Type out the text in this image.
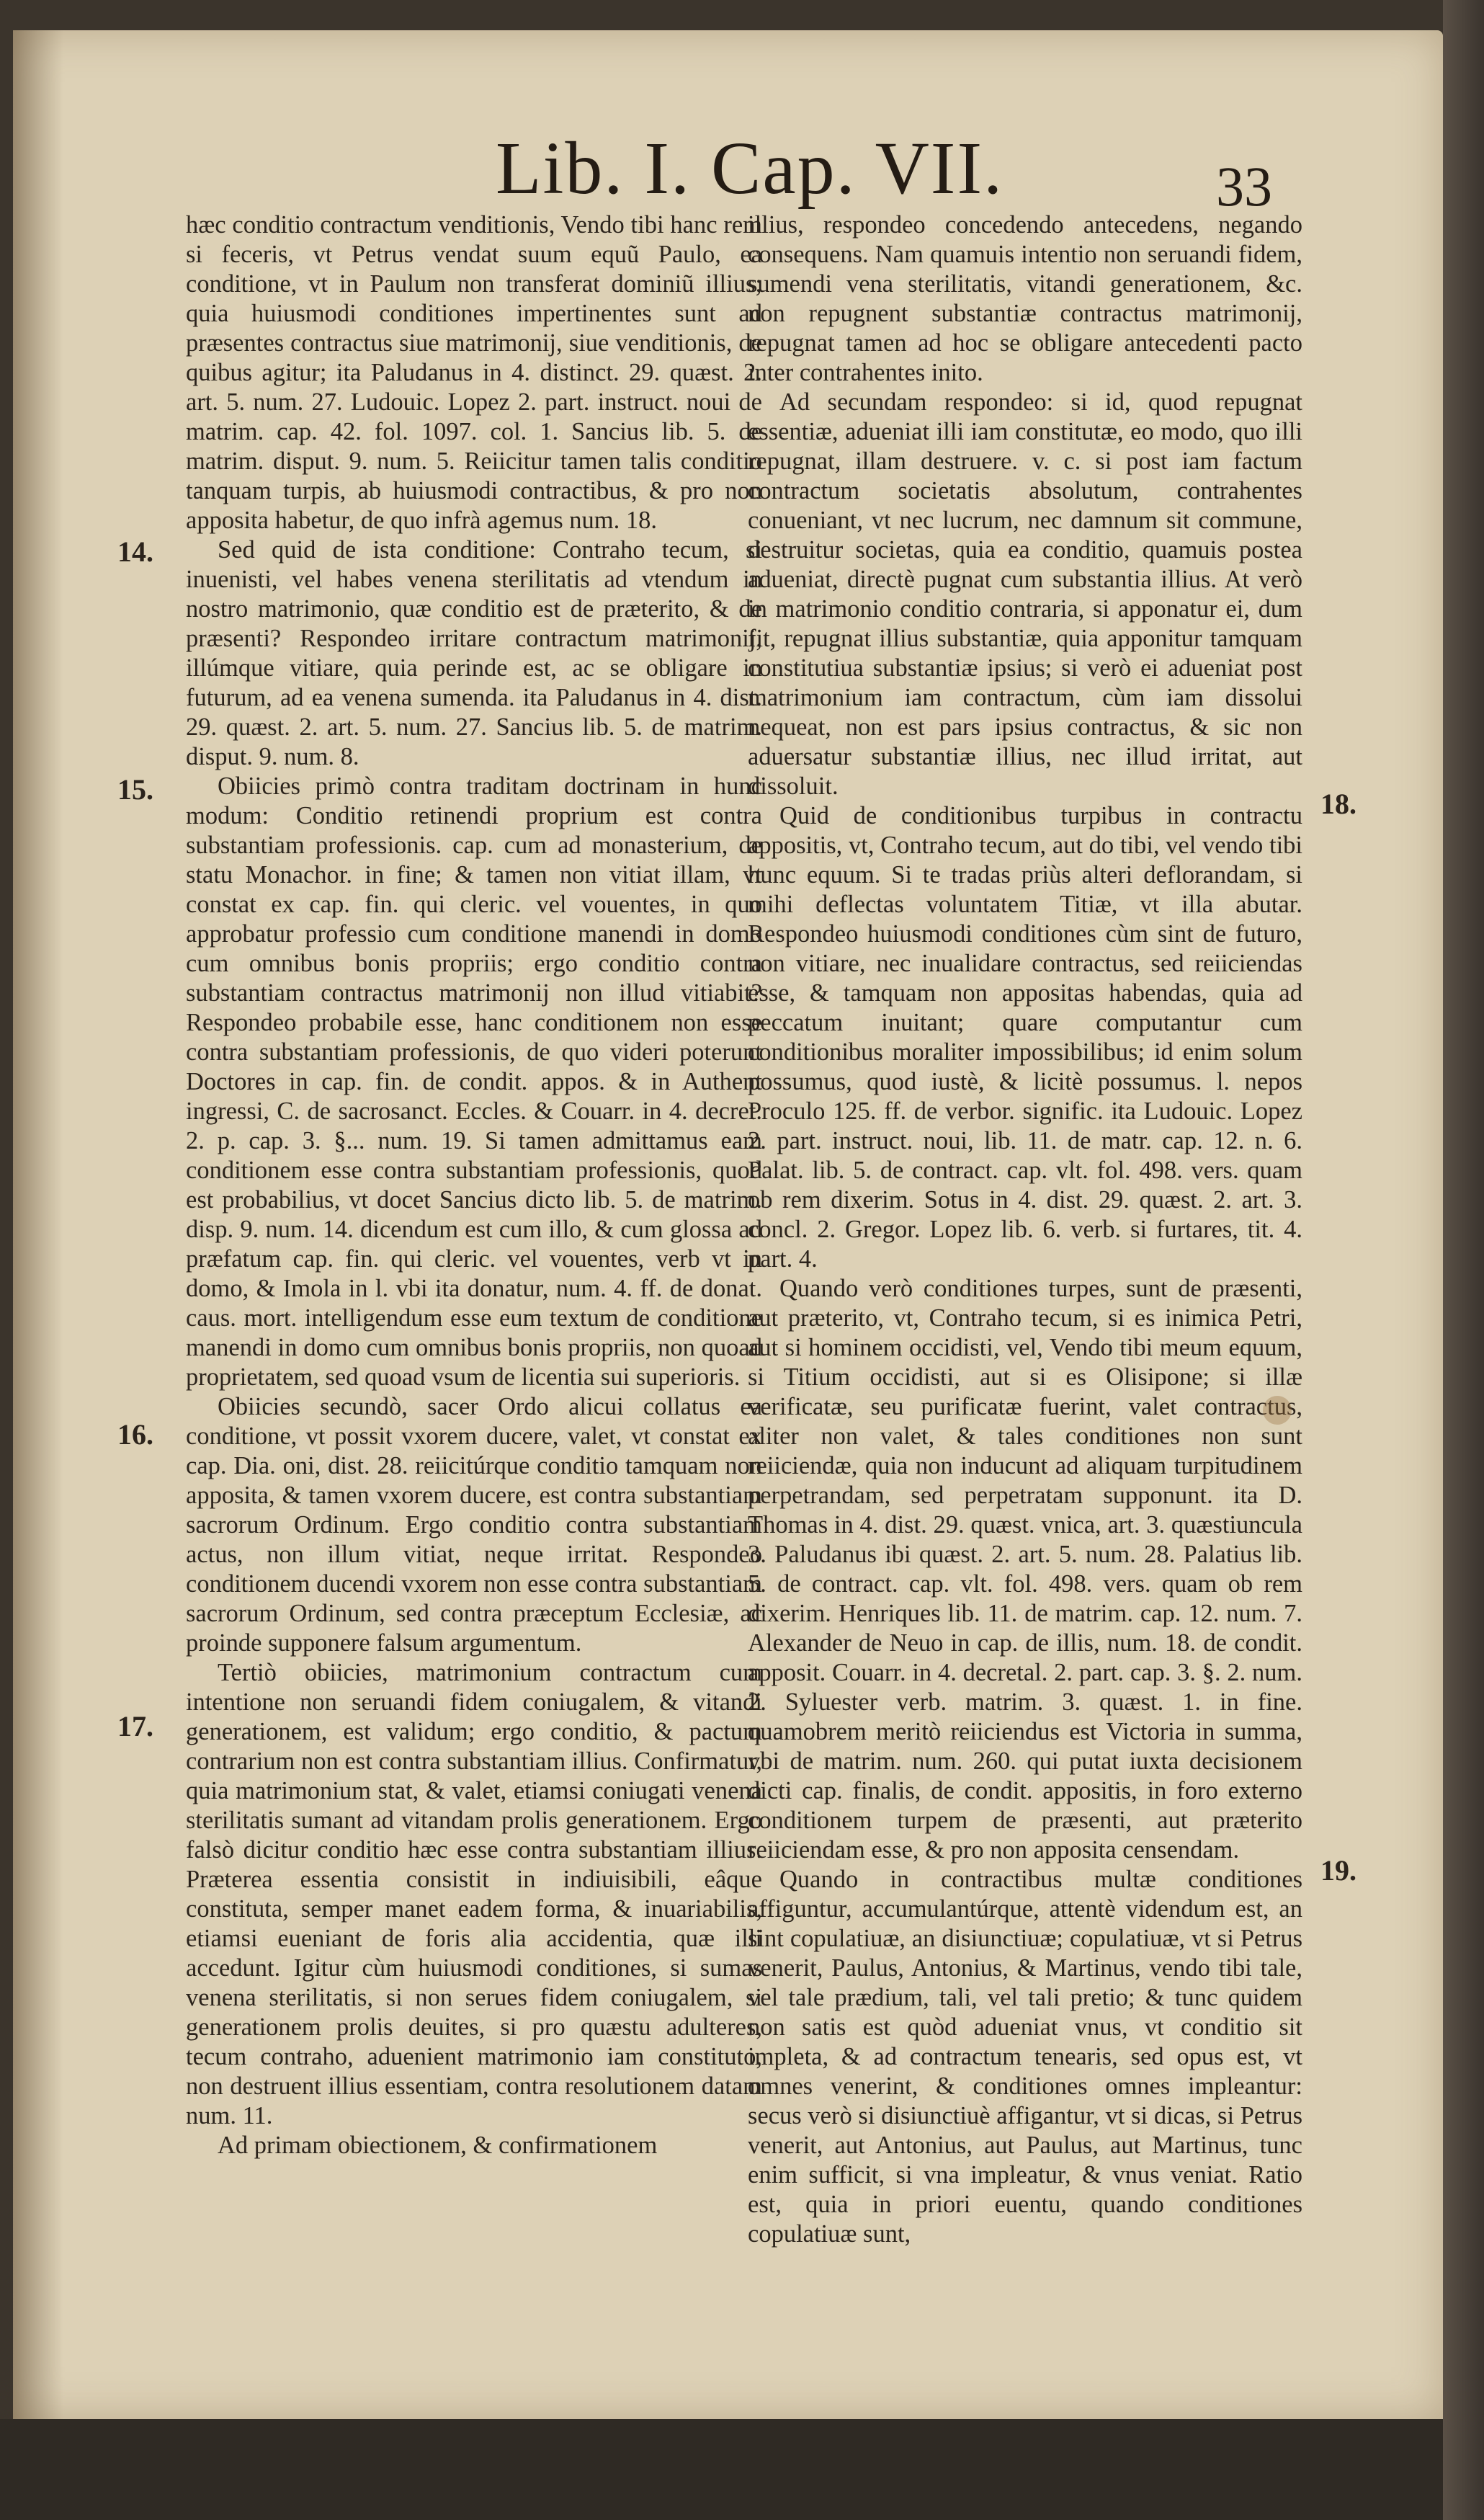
Lib. I. Cap. VII.	33

hæc conditio contractum venditionis, Vendo tibi hanc rem si feceris, vt Petrus vendat suum equũ Paulo, ea conditione, vt in Paulum non transferat dominiũ illius; quia huiusmodi conditiones impertinentes sunt ad præsentes contractus siue matrimonij, siue venditionis, de quibus agitur; ita Paludanus in 4. distinct. 29. quæst. 2. art. 5. num. 27. Ludouic. Lopez 2. part. instruct. noui de matrim. cap. 42. fol. 1097. col. 1. Sancius lib. 5. de matrim. disput. 9. num. 5. Reiicitur tamen talis conditio tanquam turpis, ab huiusmodi contractibus, & pro non apposita habetur, de quo infrà agemus num. 18.

Sed quid de ista conditione: Contraho tecum, si inuenisti, vel habes venena sterilitatis ad vtendum in nostro matrimonio, quæ conditio est de præterito, & de præsenti? Respondeo irritare contractum matrimonij, illúmque vitiare, quia perinde est, ac se obligare in futurum, ad ea venena sumenda. ita Paludanus in 4. dist. 29. quæst. 2. art. 5. num. 27. Sancius lib. 5. de matrim. disput. 9. num. 8.

Obiicies primò contra traditam doctrinam in hunc modum: Conditio retinendi proprium est contra substantiam professionis. cap. cum ad monasterium, de statu Monachor. in fine; & tamen non vitiat illam, vt constat ex cap. fin. qui cleric. vel vouentes, in quo approbatur professio cum conditione manendi in domo cum omnibus bonis propriis; ergo conditio contra substantiam contractus matrimonij non illud vitiabit? Respondeo probabile esse, hanc conditionem non esse contra substantiam professionis, de quo videri poterunt Doctores in cap. fin. de condit. appos. & in Authent ingressi, C. de sacrosanct. Eccles. & Couarr. in 4. decret. 2. p. cap. 3. §... num. 19. Si tamen admittamus eam conditionem esse contra substantiam professionis, quod est probabilius, vt docet Sancius dicto lib. 5. de matrim. disp. 9. num. 14. dicendum est cum illo, & cum glossa ad præfatum cap. fin. qui cleric. vel vouentes, verb vt in domo, & Imola in l. vbi ita donatur, num. 4. ff. de donat. caus. mort. intelligendum esse eum textum de conditione manendi in domo cum omnibus bonis propriis, non quoad proprietatem, sed quoad vsum de licentia sui superioris.

Obiicies secundò, sacer Ordo alicui collatus ea conditione, vt possit vxorem ducere, valet, vt constat ex cap. Dia. oni, dist. 28. reiicitúrque conditio tamquam non apposita, & tamen vxorem ducere, est contra substantiam sacrorum Ordinum. Ergo conditio contra substantiam actus, non illum vitiat, neque irritat. Respondeo conditionem ducendi vxorem non esse contra substantiam sacrorum Ordinum, sed contra præceptum Ecclesiæ, ac proinde supponere falsum argumentum.

Tertiò obiicies, matrimonium contractum cum intentione non seruandi fidem coniugalem, & vitandi generationem, est validum; ergo conditio, & pactum contrarium non est contra substantiam illius. Confirmatur, quia matrimonium stat, & valet, etiamsi coniugati venena sterilitatis sumant ad vitandam prolis generationem. Ergo falsò dicitur conditio hæc esse contra substantiam illius. Præterea essentia consistit in indiuisibili, eâque constituta, semper manet eadem forma, & inuariabilis, etiamsi eueniant de foris alia accidentia, quæ illi accedunt. Igitur cùm huiusmodi conditiones, si sumas venena sterilitatis, si non serues fidem coniugalem, si generationem prolis deuites, si pro quæstu adulteres, tecum contraho, aduenient matrimonio iam constituto, non destruent illius essentiam, contra resolutionem datam num. 11.

Ad primam obiectionem, & confirmationem

illius, respondeo concedendo antecedens, negando consequens. Nam quamuis intentio non seruandi fidem, sumendi vena sterilitatis, vitandi generationem, &c. non repugnent substantiæ contractus matrimonij, repugnat tamen ad hoc se obligare antecedenti pacto inter contrahentes inito.

Ad secundam respondeo: si id, quod repugnat essentiæ, adueniat illi iam constitutæ, eo modo, quo illi repugnat, illam destruere. v. c. si post iam factum contractum societatis absolutum, contrahentes conueniant, vt nec lucrum, nec damnum sit commune, destruitur societas, quia ea conditio, quamuis postea adueniat, directè pugnat cum substantia illius. At verò in matrimonio conditio contraria, si apponatur ei, dum fit, repugnat illius substantiæ, quia apponitur tamquam constitutiua substantiæ ipsius; si verò ei adueniat post matrimonium iam contractum, cùm iam dissolui nequeat, non est pars ipsius contractus, & sic non aduersatur substantiæ illius, nec illud irritat, aut dissoluit.

Quid de conditionibus turpibus in contractu appositis, vt, Contraho tecum, aut do tibi, vel vendo tibi hunc equum. Si te tradas priùs alteri deflorandam, si mihi deflectas voluntatem Titiæ, vt illa abutar. Respondeo huiusmodi conditiones cùm sint de futuro, non vitiare, nec inualidare contractus, sed reiiciendas esse, & tamquam non appositas habendas, quia ad peccatum inuitant; quare computantur cum conditionibus moraliter impossibilibus; id enim solum possumus, quod iustè, & licitè possumus. l. nepos Proculo 125. ff. de verbor. signific. ita Ludouic. Lopez 2. part. instruct. noui, lib. 11. de matr. cap. 12. n. 6. Palat. lib. 5. de contract. cap. vlt. fol. 498. vers. quam ob rem dixerim. Sotus in 4. dist. 29. quæst. 2. art. 3. concl. 2. Gregor. Lopez lib. 6. verb. si furtares, tit. 4. part. 4.

Quando verò conditiones turpes, sunt de præsenti, aut præterito, vt, Contraho tecum, si es inimica Petri, aut si hominem occidisti, vel, Vendo tibi meum equum, si Titium occidisti, aut si es Olisipone; si illæ verificatæ, seu purificatæ fuerint, valet contractus, aliter non valet, & tales conditiones non sunt reiiciendæ, quia non inducunt ad aliquam turpitudinem perpetrandam, sed perpetratam supponunt. ita D. Thomas in 4. dist. 29. quæst. vnica, art. 3. quæstiuncula 3. Paludanus ibi quæst. 2. art. 5. num. 28. Palatius lib. 5. de contract. cap. vlt. fol. 498. vers. quam ob rem dixerim. Henriques lib. 11. de matrim. cap. 12. num. 7. Alexander de Neuo in cap. de illis, num. 18. de condit. apposit. Couarr. in 4. decretal. 2. part. cap. 3. §. 2. num. 2. Syluester verb. matrim. 3. quæst. 1. in fine. quamobrem meritò reiiciendus est Victoria in summa, vbi de matrim. num. 260. qui putat iuxta decisionem dicti cap. finalis, de condit. appositis, in foro externo conditionem turpem de præsenti, aut præterito reiiciendam esse, & pro non apposita censendam.

Quando in contractibus multæ conditiones affiguntur, accumulantúrque, attentè videndum est, an sint copulatiuæ, an disiunctiuæ; copulatiuæ, vt si Petrus venerit, Paulus, Antonius, & Martinus, vendo tibi tale, vel tale prædium, tali, vel tali pretio; & tunc quidem non satis est quòd adueniat vnus, vt conditio sit impleta, & ad contractum tenearis, sed opus est, vt omnes venerint, & conditiones omnes impleantur: secus verò si disiunctiuè affigantur, vt si dicas, si Petrus venerit, aut Antonius, aut Paulus, aut Martinus, tunc enim sufficit, si vna impleatur, & vnus veniat. Ratio est, quia in priori euentu, quando conditiones copulatiuæ sunt,

14.
15.
16.
17.
18.
19.
